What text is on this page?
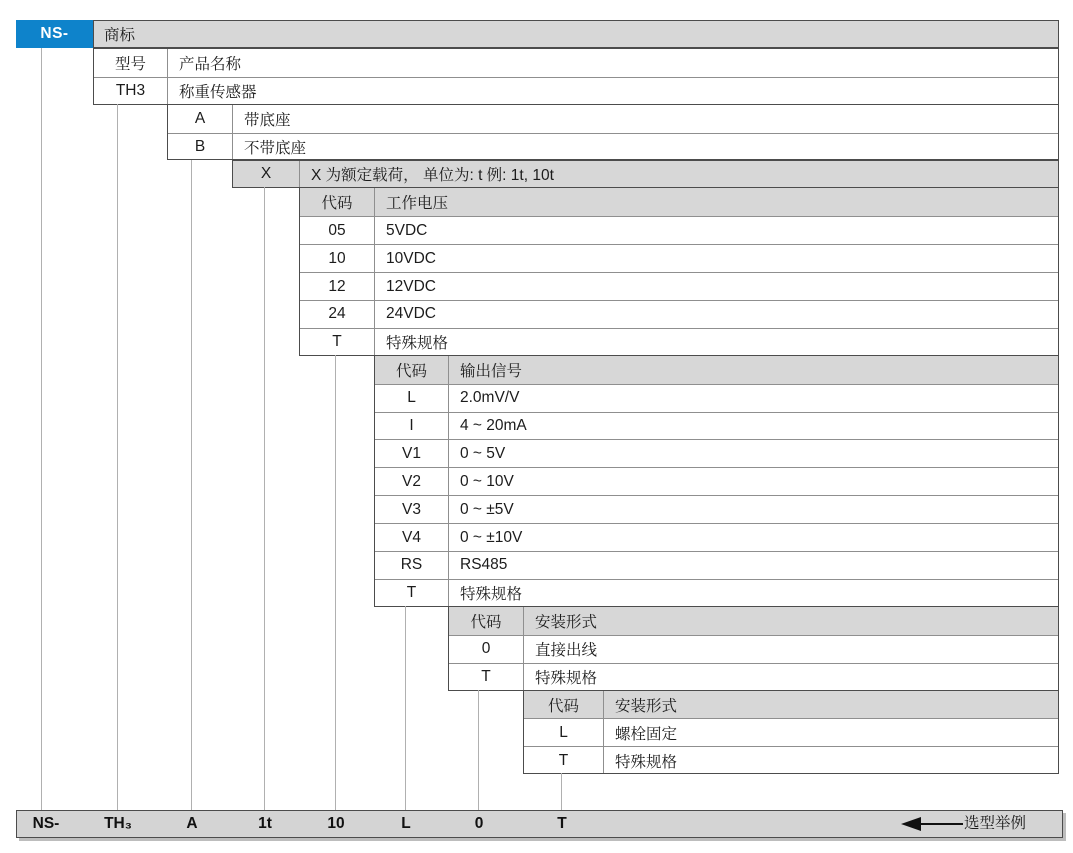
NS- 商标
型号	产品名称
TH3	称重传感器
A	带底座
B	不带底座
X	X 为额定载荷， 单位为: t 例: 1t, 10t
代码	工作电压
05	5VDC
10	10VDC
12	12VDC
24	24VDC
T	特殊规格
代码	输出信号
L	2.0mV/V
I	4 ~ 20mA
V1	0 ~ 5V
V2	0 ~ 10V
V3	0 ~ ±5V
V4	0 ~ ±10V
RS	RS485
T	特殊规格
代码	安装形式
0	直接出线
T	特殊规格
代码	安装形式
L	螺栓固定
T	特殊规格
NS-	TH₃	A	1t	10	L	0	T	选型举例
